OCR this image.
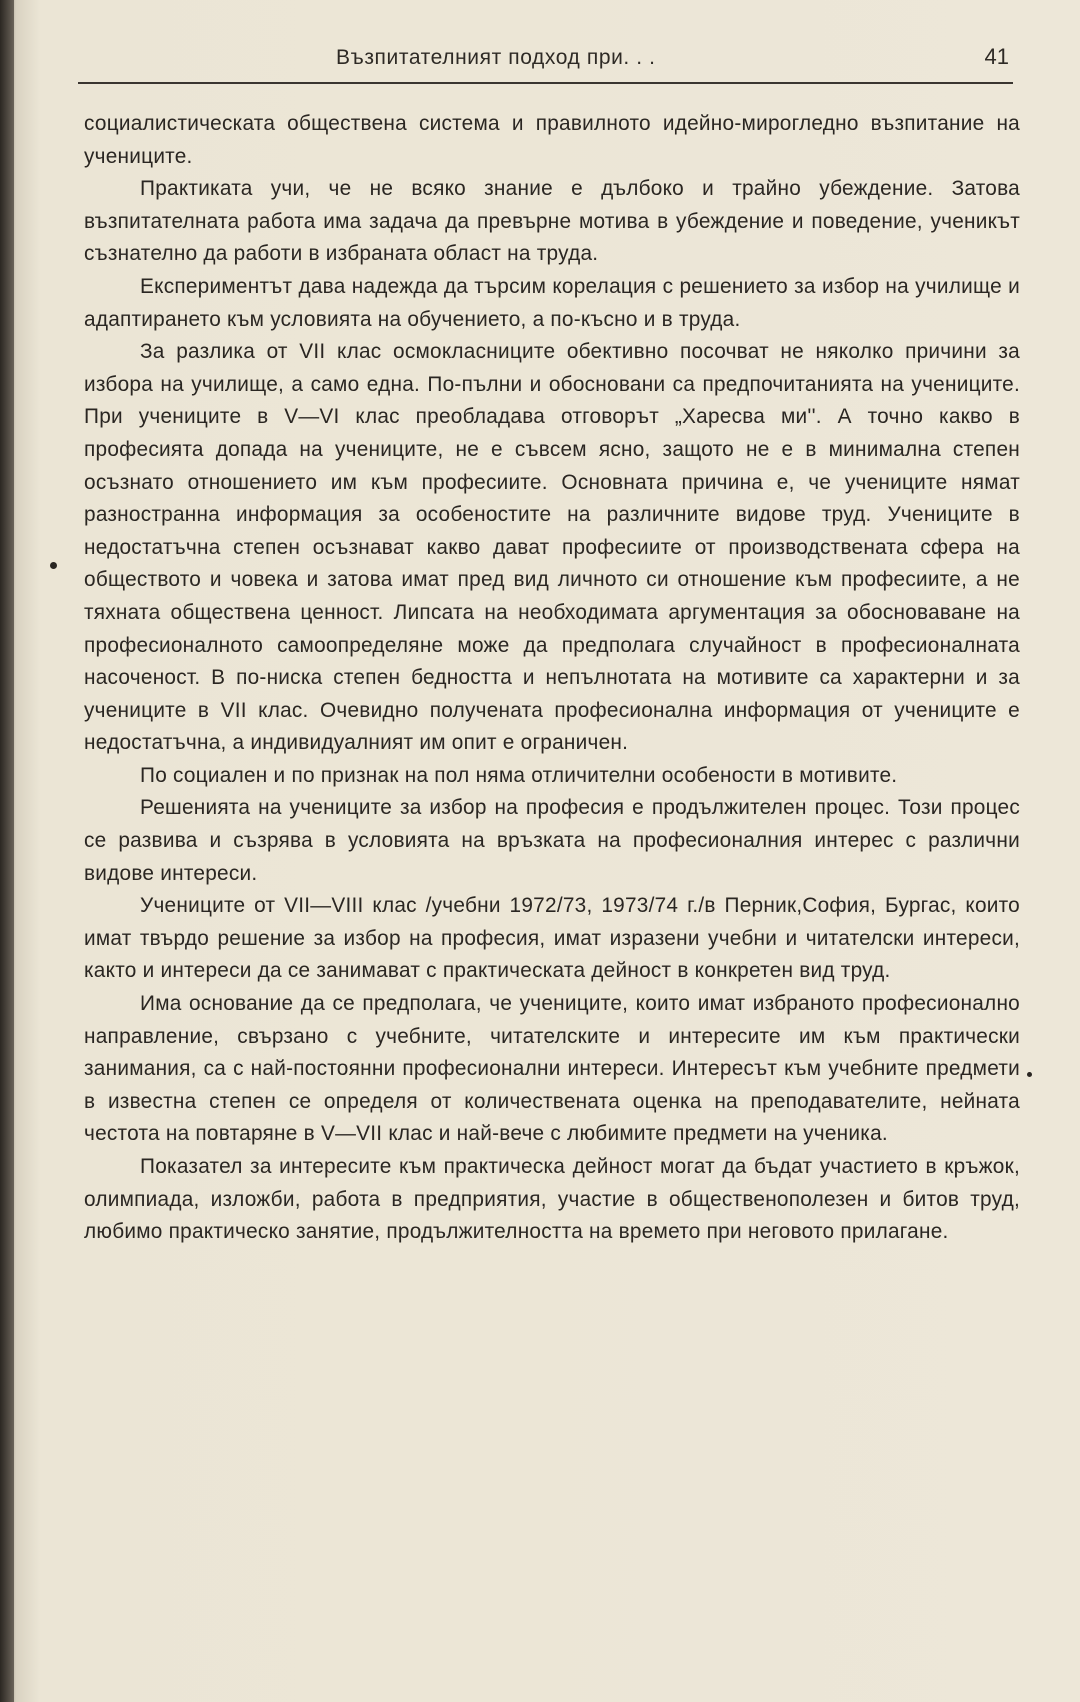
Възпитателният подход при. . .	41

социалистическата обществена система и правилното идейно-мирогледно възпитание на учениците.

Практиката учи, че не всяко знание е дълбоко и трайно убеждение. Затова възпитателната работа има задача да превърне мотива в убеждение и поведение, ученикът съзнателно да работи в избраната област на труда.

Експериментът дава надежда да търсим корелация с решението за избор на училище и адаптирането към условията на обучението, а по-късно и в труда.

За разлика от VII клас осмокласниците обективно посочват не няколко причини за избора на училище, а само една. По-пълни и обосновани са предпочитанията на учениците. При учениците в V—VI клас преобладава отговорът „Харесва ми''. А точно какво в професията допада на учениците, не е съвсем ясно, защото не е в минимална степен осъзнато отношението им към професиите. Основната причина е, че учениците нямат разностранна информация за особеностите на различните видове труд. Учениците в недостатъчна степен осъзнават какво дават професиите от производствената сфера на обществото и човека и затова имат пред вид личното си отношение към професиите, а не тяхната обществена ценност. Липсата на необходимата аргументация за обосноваване на професионалното самоопределяне може да предполага случайност в професионалната насоченост. В по-ниска степен бедността и непълнотата на мотивите са характерни и за учениците в VII клас. Очевидно получената професионална информация от учениците е недостатъчна, а индивидуалният им опит е ограничен.

По социален и по признак на пол няма отличителни особености в мотивите.

Решенията на учениците за избор на професия е продължителен процес. Този процес се развива и съзрява в условията на връзката на професионалния интерес с различни видове интереси.

Учениците от VII—VIII клас /учебни 1972/73, 1973/74 г./в Перник,София, Бургас, които имат твърдо решение за избор на професия, имат изразени учебни и читателски интереси, както и интереси да се занимават с практическата дейност в конкретен вид труд.

Има основание да се предполага, че учениците, които имат избраното професионално направление, свързано с учебните, читателските и интересите им към практически занимания, са с най-постоянни професионални интереси. Интересът към учебните предмети в известна степен се определя от количествената оценка на преподавателите, нейната честота на повтаряне в V—VII клас и най-вече с любимите предмети на ученика.

Показател за интересите към практическа дейност могат да бъдат участието в кръжок, олимпиада, изложби, работа в предприятия, участие в общественополезен и битов труд, любимо практическо занятие, продължителността на времето при неговото прилагане.
